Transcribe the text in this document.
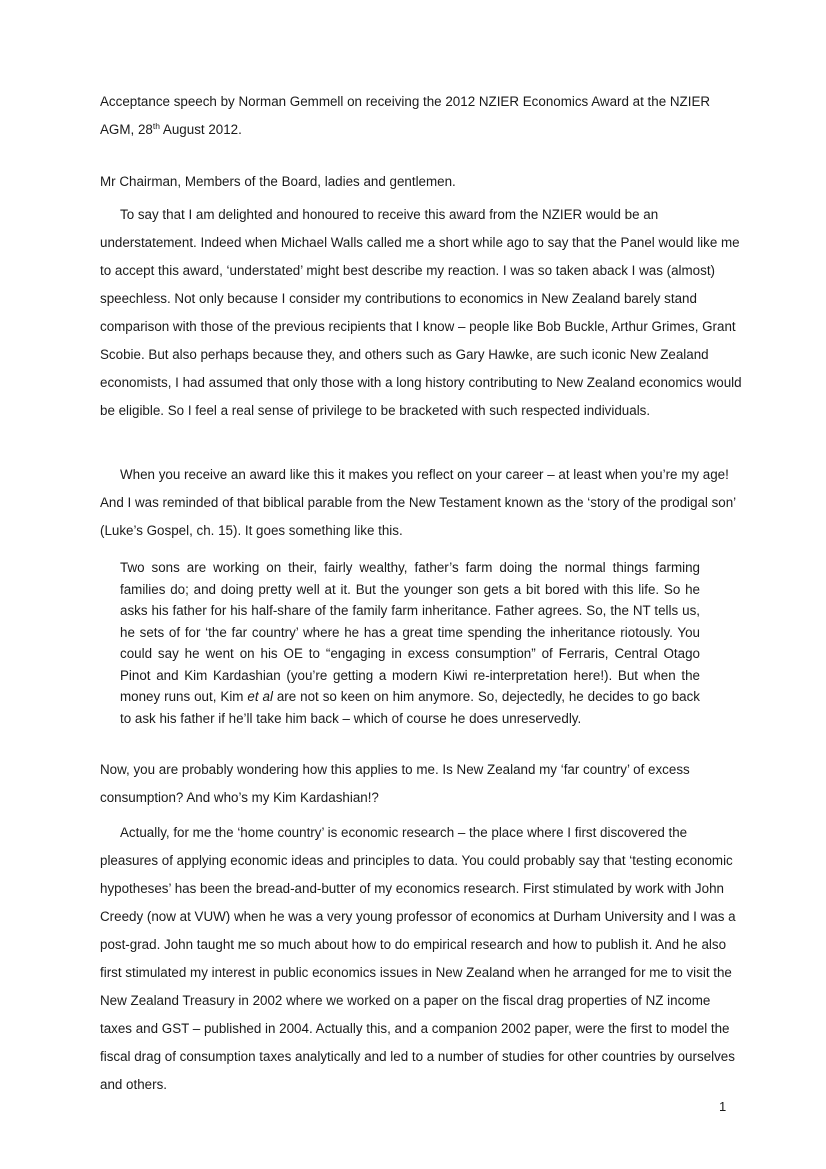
Acceptance speech by Norman Gemmell on receiving the 2012 NZIER Economics Award at the NZIER
AGM, 28th August 2012.

Mr Chairman, Members of the Board, ladies and gentlemen.

To say that I am delighted and honoured to receive this award from the NZIER would be an understatement. Indeed when Michael Walls called me a short while ago to say that the Panel would like me to accept this award, ‘understated’ might best describe my reaction. I was so taken aback I was (almost) speechless. Not only because I consider my contributions to economics in New Zealand barely stand comparison with those of the previous recipients that I know – people like Bob Buckle, Arthur Grimes, Grant Scobie. But also perhaps because they, and others such as Gary Hawke, are such iconic New Zealand economists, I had assumed that only those with a long history contributing to New Zealand economics would be eligible. So I feel a real sense of privilege to be bracketed with such respected individuals.

When you receive an award like this it makes you reflect on your career – at least when you’re my age! And I was reminded of that biblical parable from the New Testament known as the ‘story of the prodigal son’ (Luke’s Gospel, ch. 15). It goes something like this.

Two sons are working on their, fairly wealthy, father’s farm doing the normal things farming families do; and doing pretty well at it. But the younger son gets a bit bored with this life. So he asks his father for his half-share of the family farm inheritance. Father agrees. So, the NT tells us, he sets of for ‘the far country’ where he has a great time spending the inheritance riotously. You could say he went on his OE to “engaging in excess consumption” of Ferraris, Central Otago Pinot and Kim Kardashian (you’re getting a modern Kiwi re-interpretation here!). But when the money runs out, Kim et al are not so keen on him anymore. So, dejectedly, he decides to go back to ask his father if he’ll take him back – which of course he does unreservedly.

Now, you are probably wondering how this applies to me. Is New Zealand my ‘far country’ of excess consumption? And who’s my Kim Kardashian!?

Actually, for me the ‘home country’ is economic research – the place where I first discovered the pleasures of applying economic ideas and principles to data. You could probably say that ‘testing economic hypotheses’ has been the bread-and-butter of my economics research. First stimulated by work with John Creedy (now at VUW) when he was a very young professor of economics at Durham University and I was a post-grad. John taught me so much about how to do empirical research and how to publish it. And he also first stimulated my interest in public economics issues in New Zealand when he arranged for me to visit the New Zealand Treasury in 2002 where we worked on a paper on the fiscal drag properties of NZ income taxes and GST – published in 2004. Actually this, and a companion 2002 paper, were the first to model the fiscal drag of consumption taxes analytically and led to a number of studies for other countries by ourselves and others.

1
